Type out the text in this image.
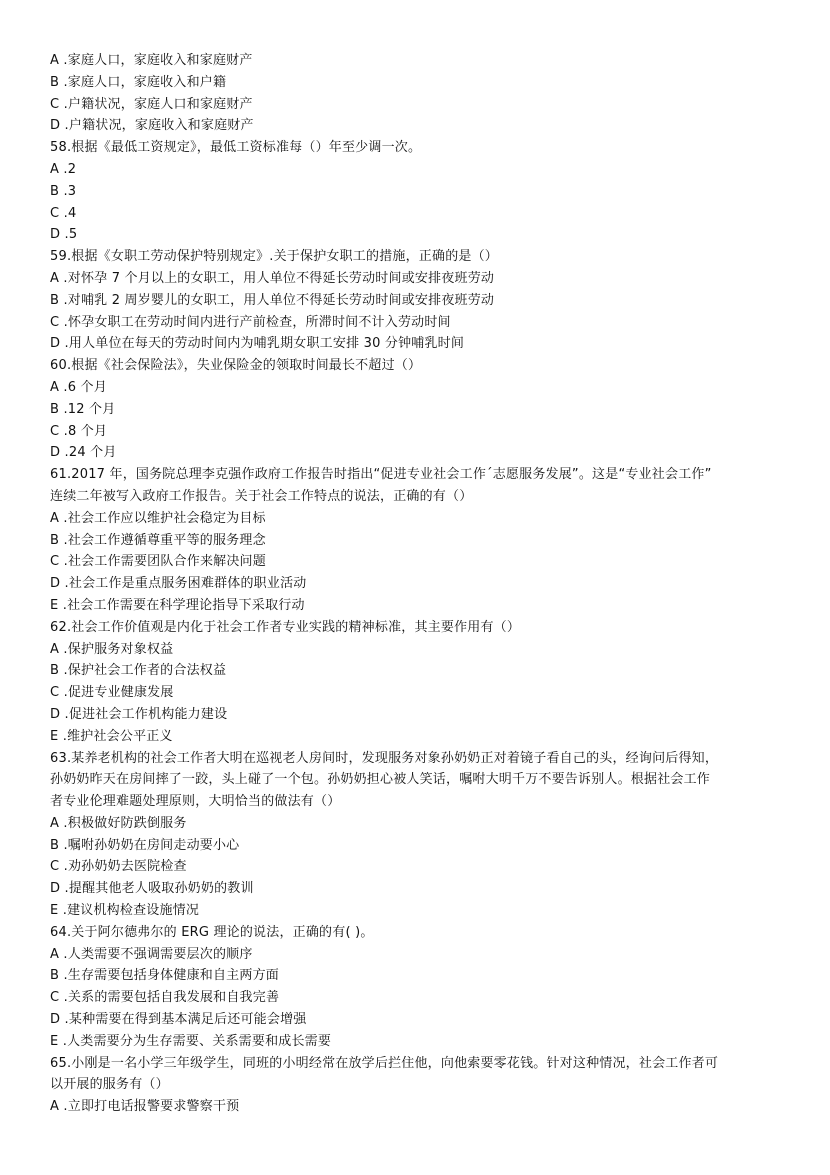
A .家庭人口，家庭收入和家庭财产

B .家庭人口，家庭收入和户籍

C .户籍状况，家庭人口和家庭财产

D .户籍状况，家庭收入和家庭财产

58.根据《最低工资规定》，最低工资标准每（）年至少调一次。

A .2

B .3

C .4

D .5

59.根据《女职工劳动保护特别规定》.关于保护女职工的措施，正确的是（）

A .对怀孕 7 个月以上的女职工，用人单位不得延长劳动时间或安排夜班劳动

B .对哺乳 2 周岁婴儿的女职工，用人单位不得延长劳动时间或安排夜班劳动

C .怀孕女职工在劳动时间内进行产前检查，所滞时间不计入劳动时间

D .用人单位在每天的劳动时间内为哺乳期女职工安排 30 分钟哺乳时间

60.根据《社会保险法》，失业保险金的领取时间最长不超过（）

A .6 个月

B .12 个月

C .8 个月

D .24 个月

61.2017 年，国务院总理李克强作政府工作报告时指出“促进专业社会工作´志愿服务发展”。这是“专业社会工作”

连续二年被写入政府工作报告。关于社会工作特点的说法，正确的有（）

A .社会工作应以维护社会稳定为目标

B .社会工作遵循尊重平等的服务理念

C .社会工作需要团队合作来解决问题

D .社会工作是重点服务困难群体的职业活动

E .社会工作需要在科学理论指导下采取行动

62.社会工作价值观是内化于社会工作者专业实践的精神标准，其主要作用有（）

A .保护服务对象权益

B .保护社会工作者的合法权益

C .促进专业健康发展

D .促进社会工作机构能力建设

E .维护社会公平正义

63.某养老机构的社会工作者大明在巡视老人房间时，发现服务对象孙奶奶正对着镜子看自己的头，经询问后得知，

孙奶奶昨天在房间摔了一跤，头上碰了一个包。孙奶奶担心被人笑话，嘱咐大明千万不要告诉别人。根据社会工作

者专业伦理难题处理原则，大明恰当的做法有（）

A .积极做好防跌倒服务

B .嘱咐孙奶奶在房间走动要小心

C .劝孙奶奶去医院检查

D .提醒其他老人吸取孙奶奶的教训

E .建议机构检查设施情况

64.关于阿尔德弗尔的 ERG 理论的说法，正确的有( )。

A .人类需要不强调需要层次的顺序

B .生存需要包括身体健康和自主两方面

C .关系的需要包括自我发展和自我完善

D .某种需要在得到基本满足后还可能会增强

E .人类需要分为生存需要、关系需要和成长需要

65.小刚是一名小学三年级学生，同班的小明经常在放学后拦住他，向他索要零花钱。针对这种情况，社会工作者可

以开展的服务有（）

A .立即打电话报警要求警察干预
